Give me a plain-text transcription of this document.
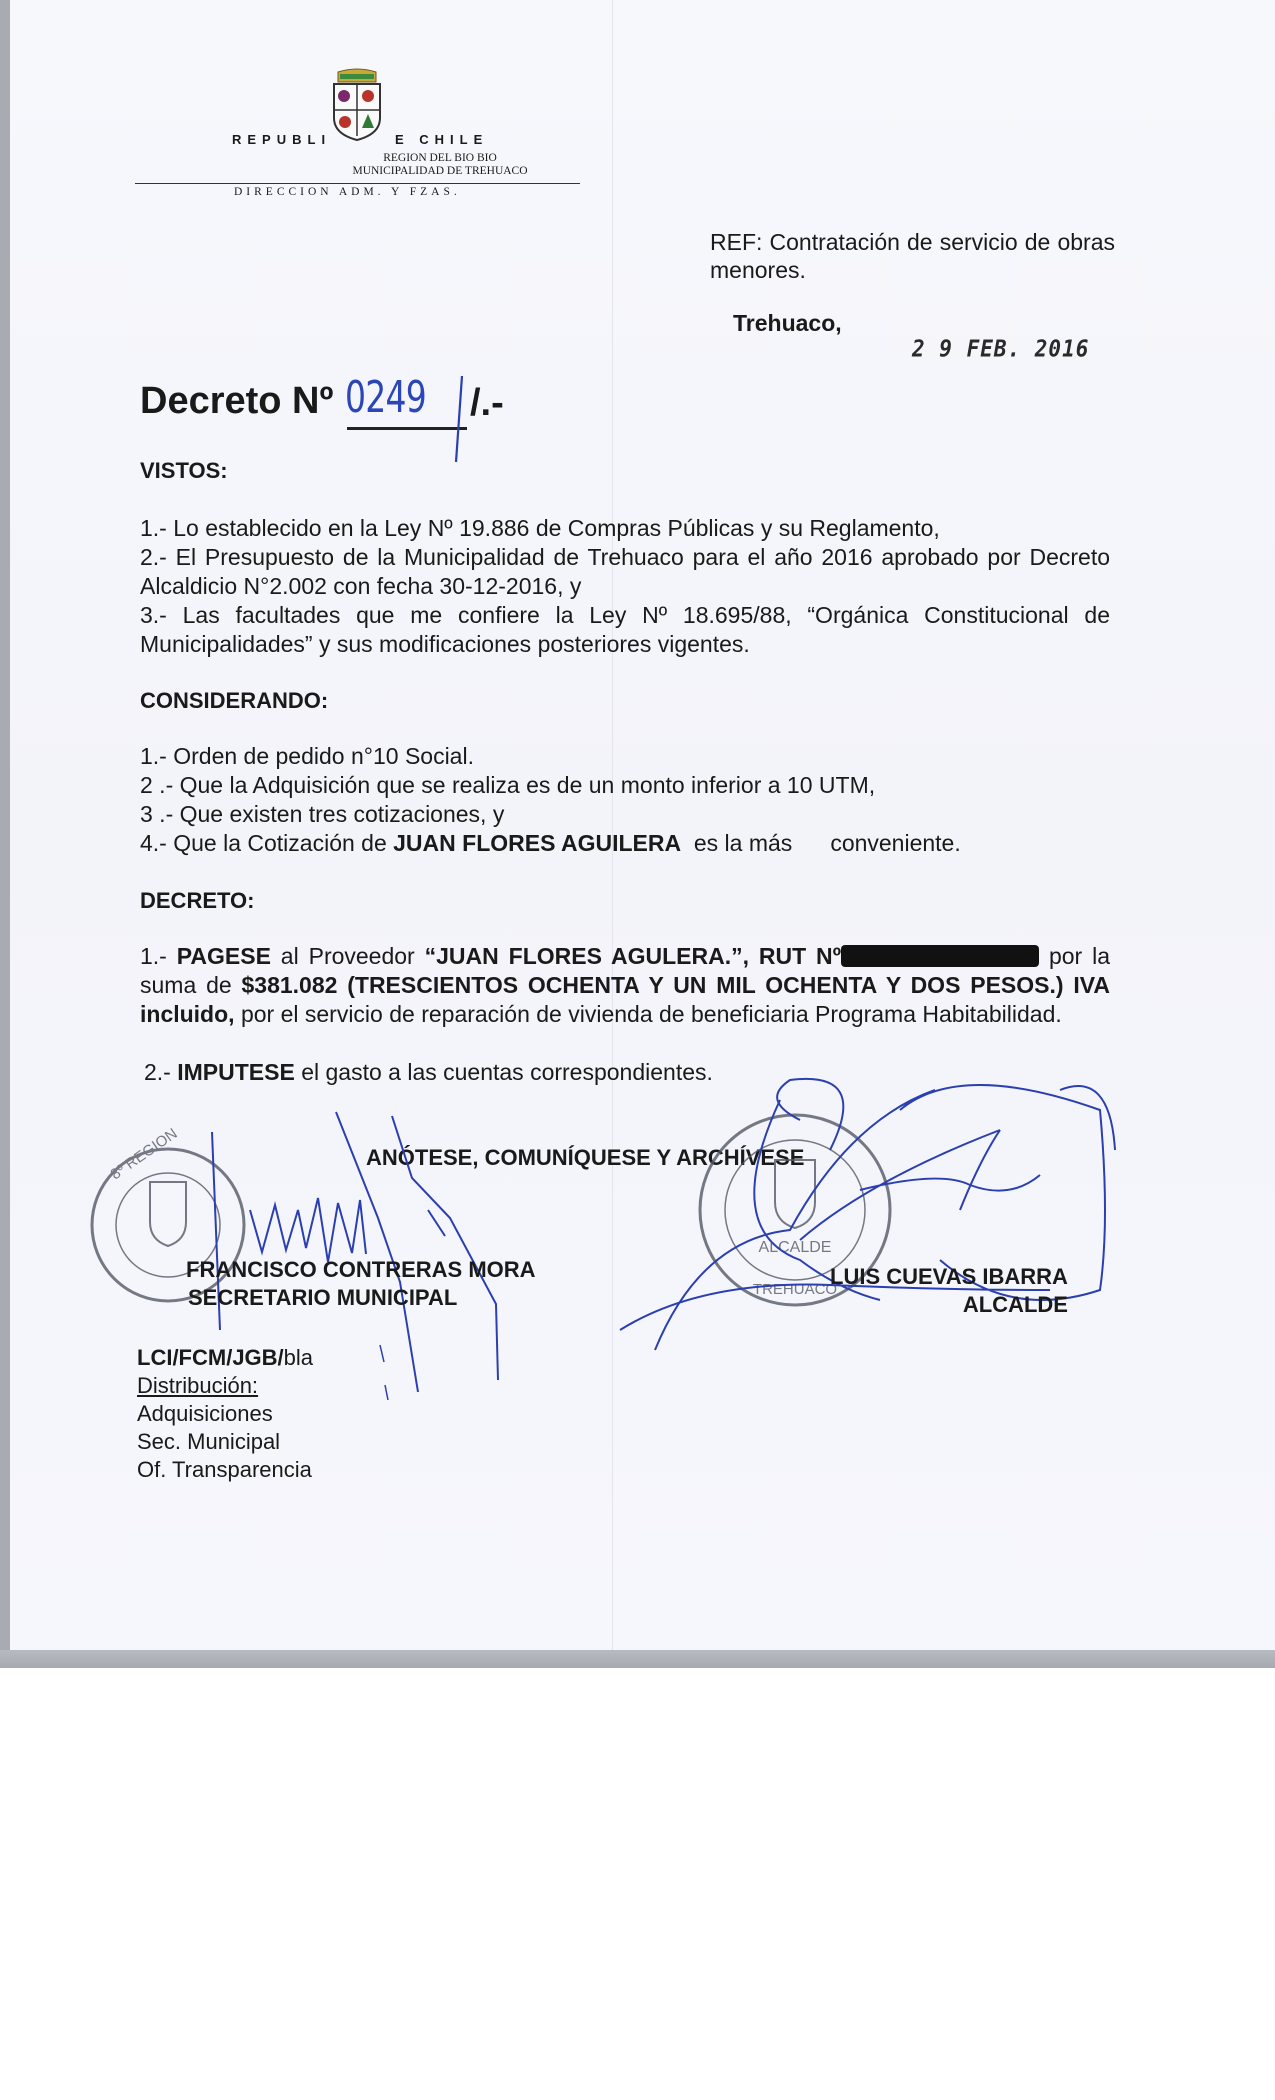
REPUBLI	E CHILE
REGION DEL BIO BIO
MUNICIPALIDAD DE TREHUACO
DIRECCION ADM. Y FZAS.
REF: Contratación de servicio de obras menores.
Trehuaco,
2 9 FEB. 2016
Decreto Nº 0249 /.-
VISTOS:
1.- Lo establecido en la Ley Nº 19.886 de Compras Públicas y su Reglamento,
2.- El Presupuesto de la Municipalidad de Trehuaco para el año 2016 aprobado por Decreto Alcaldicio N°2.002 con fecha 30-12-2016, y
3.- Las facultades que me confiere la Ley Nº 18.695/88, “Orgánica Constitucional de Municipalidades” y sus modificaciones posteriores vigentes.
CONSIDERANDO:
1.- Orden de pedido n°10 Social.
2 .- Que la Adquisición que se realiza es de un monto inferior a 10 UTM,
3 .- Que existen tres cotizaciones, y
4.- Que la Cotización de JUAN FLORES AGUILERA  es la más conveniente.
DECRETO:
1.- PAGESE al Proveedor “JUAN FLORES AGULERA.”, RUT Nº	por la suma de $381.082 (TRESCIENTOS OCHENTA Y UN MIL OCHENTA Y DOS PESOS.) IVA incluido, por el servicio de reparación de vivienda de beneficiaria Programa Habitabilidad.
2.- IMPUTESE el gasto a las cuentas correspondientes.
ANÓTESE, COMUNÍQUESE Y ARCHÍVESE
8º REGION
ALCALDE
TREHUACO
FRANCISCO CONTRERAS MORA
SECRETARIO MUNICIPAL
LUIS CUEVAS IBARRA
ALCALDE
LCI/FCM/JGB/bla
Distribución:
Adquisiciones
Sec. Municipal
Of. Transparencia
